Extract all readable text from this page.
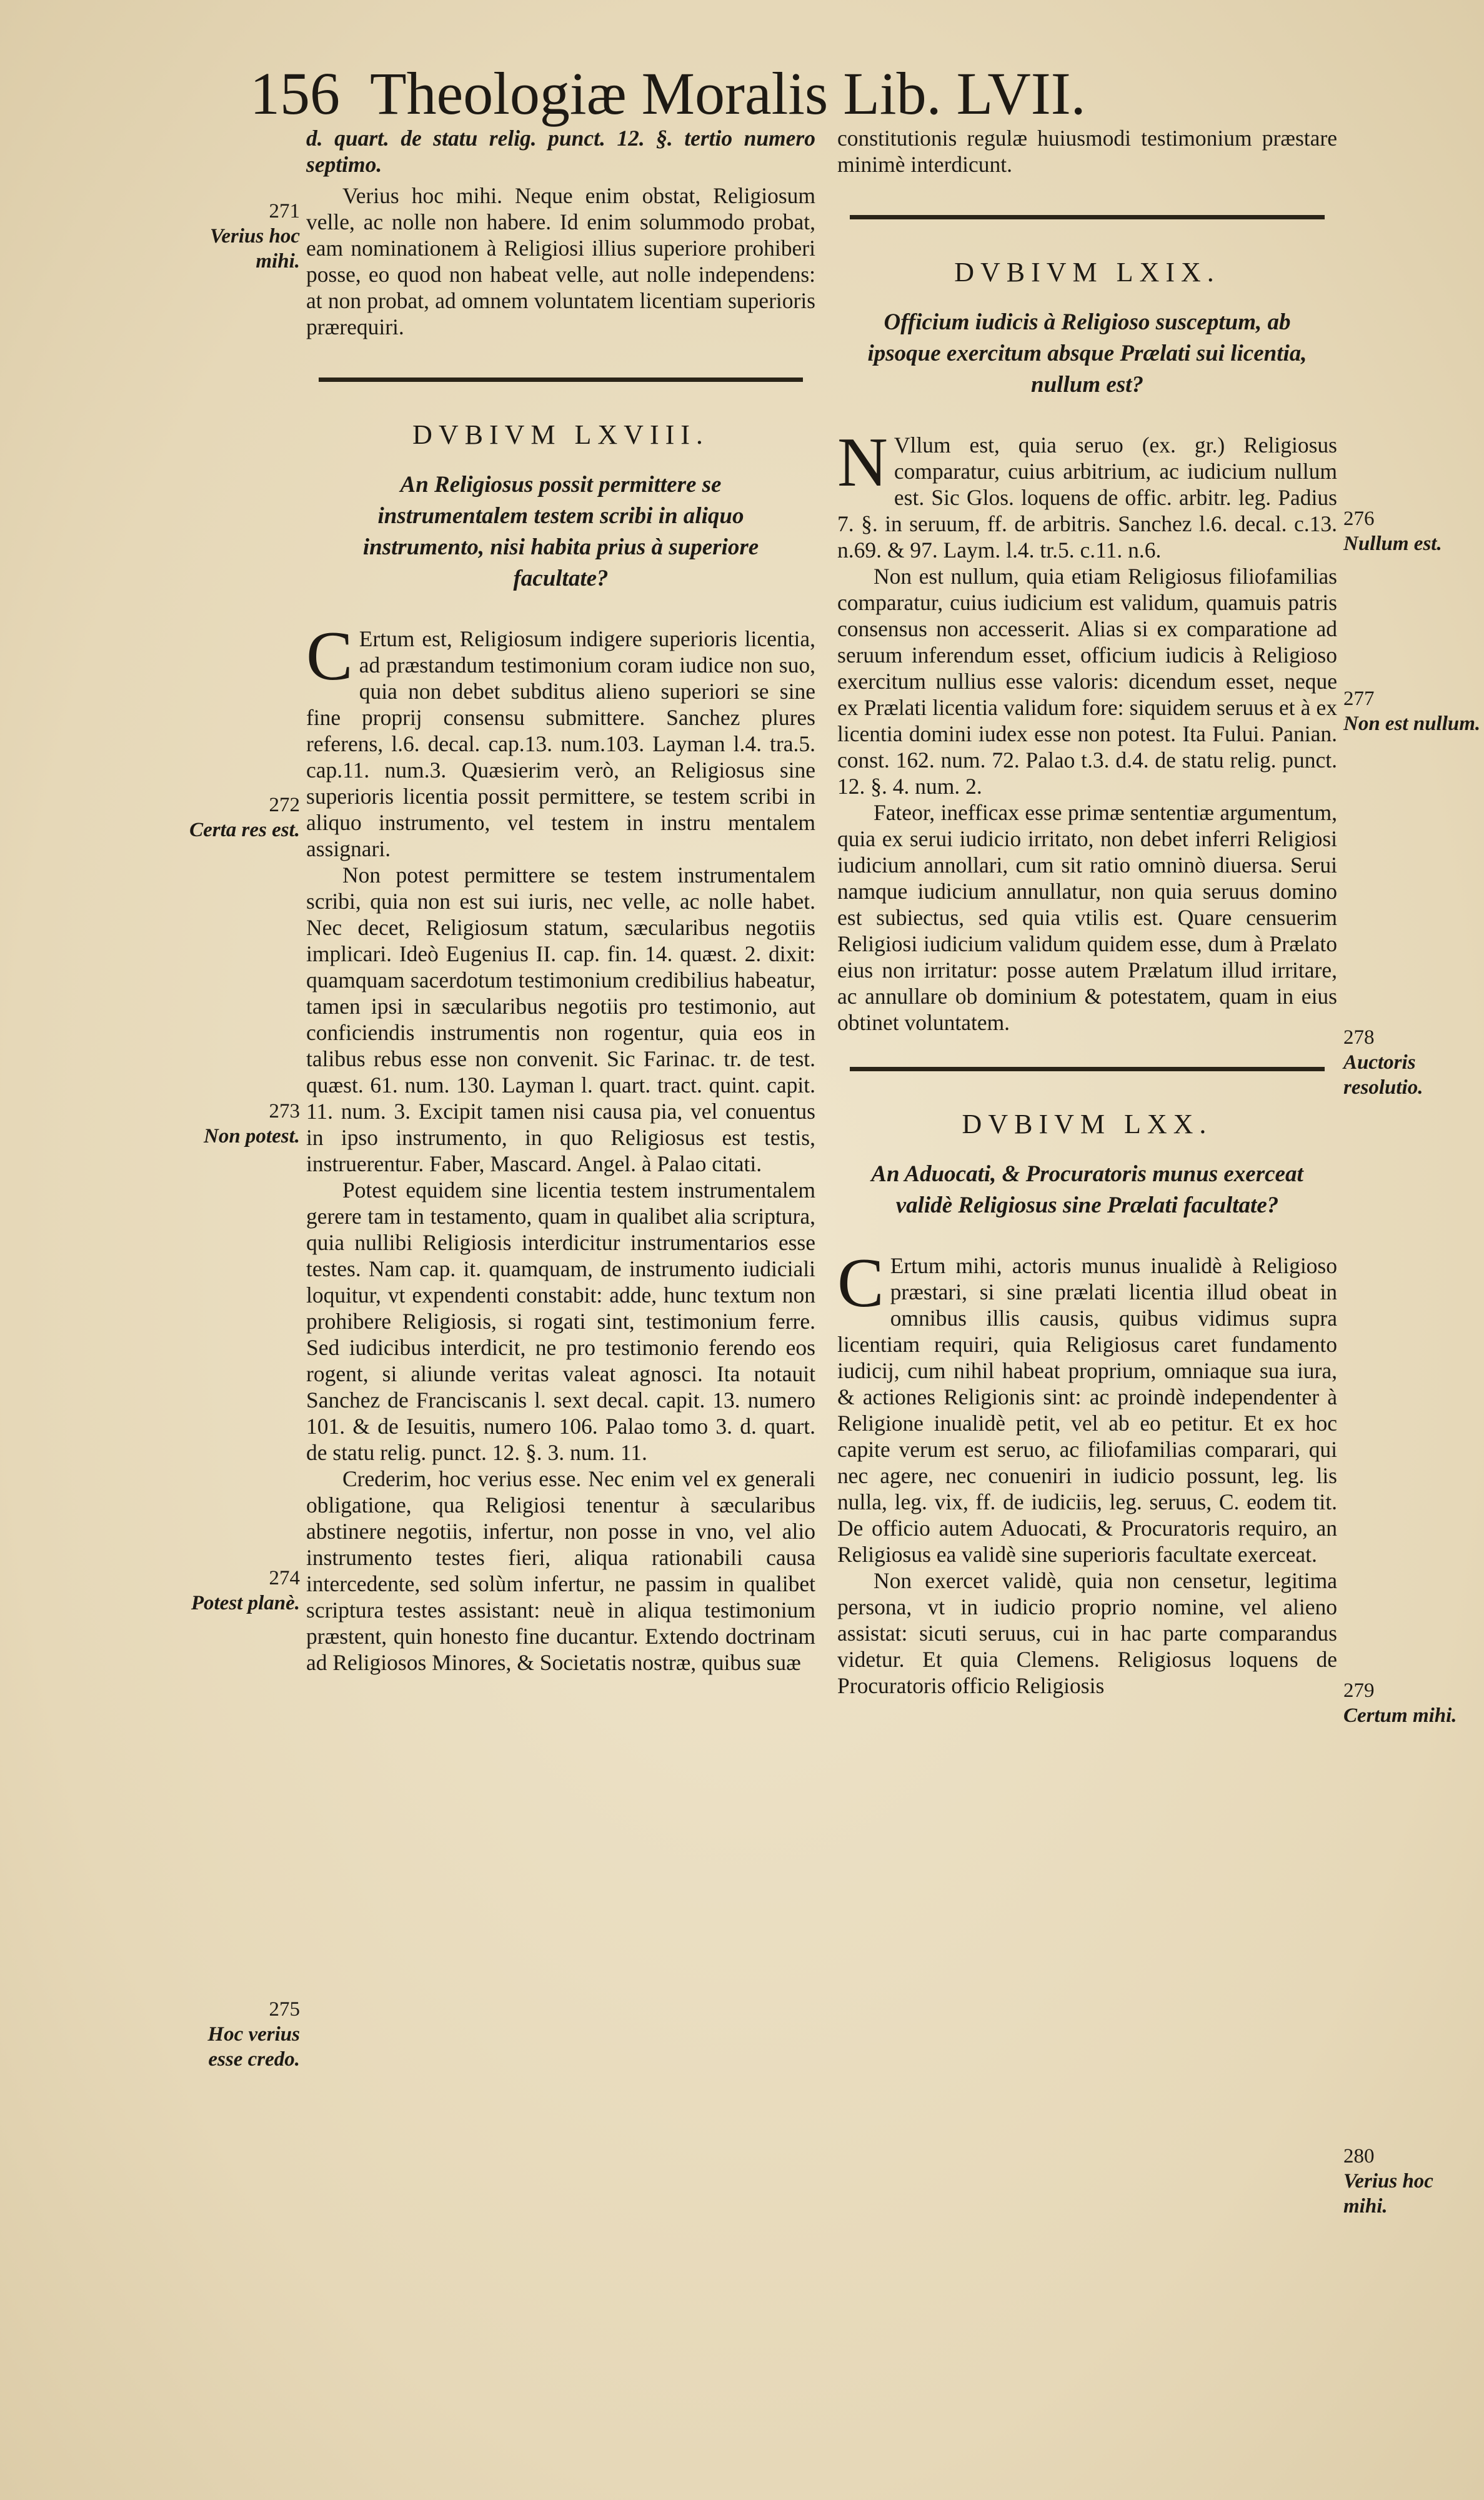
156 Theologiæ Moralis Lib. LVII.

d. quart. de statu relig. punct. 12. §. tertio numero septimo.

Verius hoc mihi. Neque enim obstat, Religiosum velle, ac nolle non habere. Id enim solummodo probat, eam nominationem à Religiosi illius superiore prohiberi posse, eo quod non habeat velle, aut nolle independens: at non probat, ad omnem voluntatem licentiam superioris prærequiri.

DVBIVM LXVIII.
An Religiosus possit permittere se instrumentalem testem scribi in aliquo instrumento, nisi habita prius à superiore facultate?

C Ertum est, Religiosum indigere superioris licentia, ad præstandum testimonium coram iudice non suo, quia non debet subditus alieno superiori se sine fine proprij consensu submittere. Sanchez plures referens, l.6. decal. cap.13. num.103. Layman l.4. tra.5. cap.11. num.3. Quæsierim verò, an Religiosus sine superioris licentia possit permittere, se testem scribi in aliquo instrumento, vel testem in instru mentalem assignari.

Non potest permittere se testem instrumentalem scribi, quia non est sui iuris, nec velle, ac nolle habet. Nec decet, Religiosum statum, sæcularibus negotiis implicari. Ideò Eugenius II. cap. fin. 14. quæst. 2. dixit: quamquam sacerdotum testimonium credibilius habeatur, tamen ipsi in sæcularibus negotiis pro testimonio, aut conficiendis instrumentis non rogentur, quia eos in talibus rebus esse non convenit. Sic Farinac. tr. de test. quæst. 61. num. 130. Layman l. quart. tract. quint. capit. 11. num. 3. Excipit tamen nisi causa pia, vel conuentus in ipso instrumento, in quo Religiosus est testis, instruerentur. Faber, Mascard. Angel. à Palao citati.

Potest equidem sine licentia testem instrumentalem gerere tam in testamento, quam in qualibet alia scriptura, quia nullibi Religiosis interdicitur instrumentarios esse testes. Nam cap. it. quamquam, de instrumento iudiciali loquitur, vt expendenti constabit: adde, hunc textum non prohibere Religiosis, si rogati sint, testimonium ferre. Sed iudicibus interdicit, ne pro testimonio ferendo eos rogent, si aliunde veritas valeat agnosci. Ita notauit Sanchez de Franciscanis l. sext decal. capit. 13. numero 101. & de Iesuitis, numero 106. Palao tomo 3. d. quart. de statu relig. punct. 12. §. 3. num. 11.

Crederim, hoc verius esse. Nec enim vel ex generali obligatione, qua Religiosi tenentur à sæcularibus abstinere negotiis, infertur, non posse in vno, vel alio instrumento testes fieri, aliqua rationabili causa intercedente, sed solùm infertur, ne passim in qualibet scriptura testes assistant: neuè in aliqua testimonium præstent, quin honesto fine ducantur. Extendo doctrinam ad Religiosos Minores, & Societatis nostræ, quibus suæ

constitutionis regulæ huiusmodi testimonium præstare minimè interdicunt.

DVBIVM LXIX.
Officium iudicis à Religioso susceptum, ab ipsoque exercitum absque Prælati sui licentia, nullum est?

N Vllum est, quia seruo (ex. gr.) Religiosus comparatur, cuius arbitrium, ac iudicium nullum est. Sic Glos. loquens de offic. arbitr. leg. Padius 7. §. in seruum, ff. de arbitris. Sanchez l.6. decal. c.13. n.69. & 97. Laym. l.4. tr.5. c.11. n.6.

Non est nullum, quia etiam Religiosus filiofamilias comparatur, cuius iudicium est validum, quamuis patris consensus non accesserit. Alias si ex comparatione ad seruum inferendum esset, officium iudicis à Religioso exercitum nullius esse valoris: dicendum esset, neque ex Prælati licentia validum fore: siquidem seruus et à ex licentia domini iudex esse non potest. Ita Fului. Panian. const. 162. num. 72. Palao t.3. d.4. de statu relig. punct. 12. §. 4. num. 2.

Fateor, inefficax esse primæ sententiæ argumentum, quia ex serui iudicio irritato, non debet inferri Religiosi iudicium annollari, cum sit ratio omninò diuersa. Serui namque iudicium annullatur, non quia seruus domino est subiectus, sed quia vtilis est. Quare censuerim Religiosi iudicium validum quidem esse, dum à Prælato eius non irritatur: posse autem Prælatum illud irritare, ac annullare ob dominium & potestatem, quam in eius obtinet voluntatem.

DVBIVM LXX.
An Aduocati, & Procuratoris munus exerceat validè Religiosus sine Prælati facultate?

C Ertum mihi, actoris munus inualidè à Religioso præstari, si sine prælati licentia illud obeat in omnibus illis causis, quibus vidimus supra licentiam requiri, quia Religiosus caret fundamento iudicij, cum nihil habeat proprium, omniaque sua iura, & actiones Religionis sint: ac proindè independenter à Religione inualidè petit, vel ab eo petitur. Et ex hoc capite verum est seruo, ac filiofamilias comparari, qui nec agere, nec conueniri in iudicio possunt, leg. lis nulla, leg. vix, ff. de iudiciis, leg. seruus, C. eodem tit. De officio autem Aduocati, & Procuratoris requiro, an Religiosus ea validè sine superioris facultate exerceat.

Non exercet validè, quia non censetur, legitima persona, vt in iudicio proprio nomine, vel alieno assistat: sicuti seruus, cui in hac parte comparandus videtur. Et quia Clemens. Religiosus loquens de Procuratoris officio Religiosis

271
Verius hoc mihi.
272
Certa res est.
273
Non potest.
274
Potest planè.
275
Hoc verius esse credo.
276
Nullum est.
277
Non est nullum.
278
Auctoris resolutio.
279
Certum mihi.
280
Verius hoc mihi.
